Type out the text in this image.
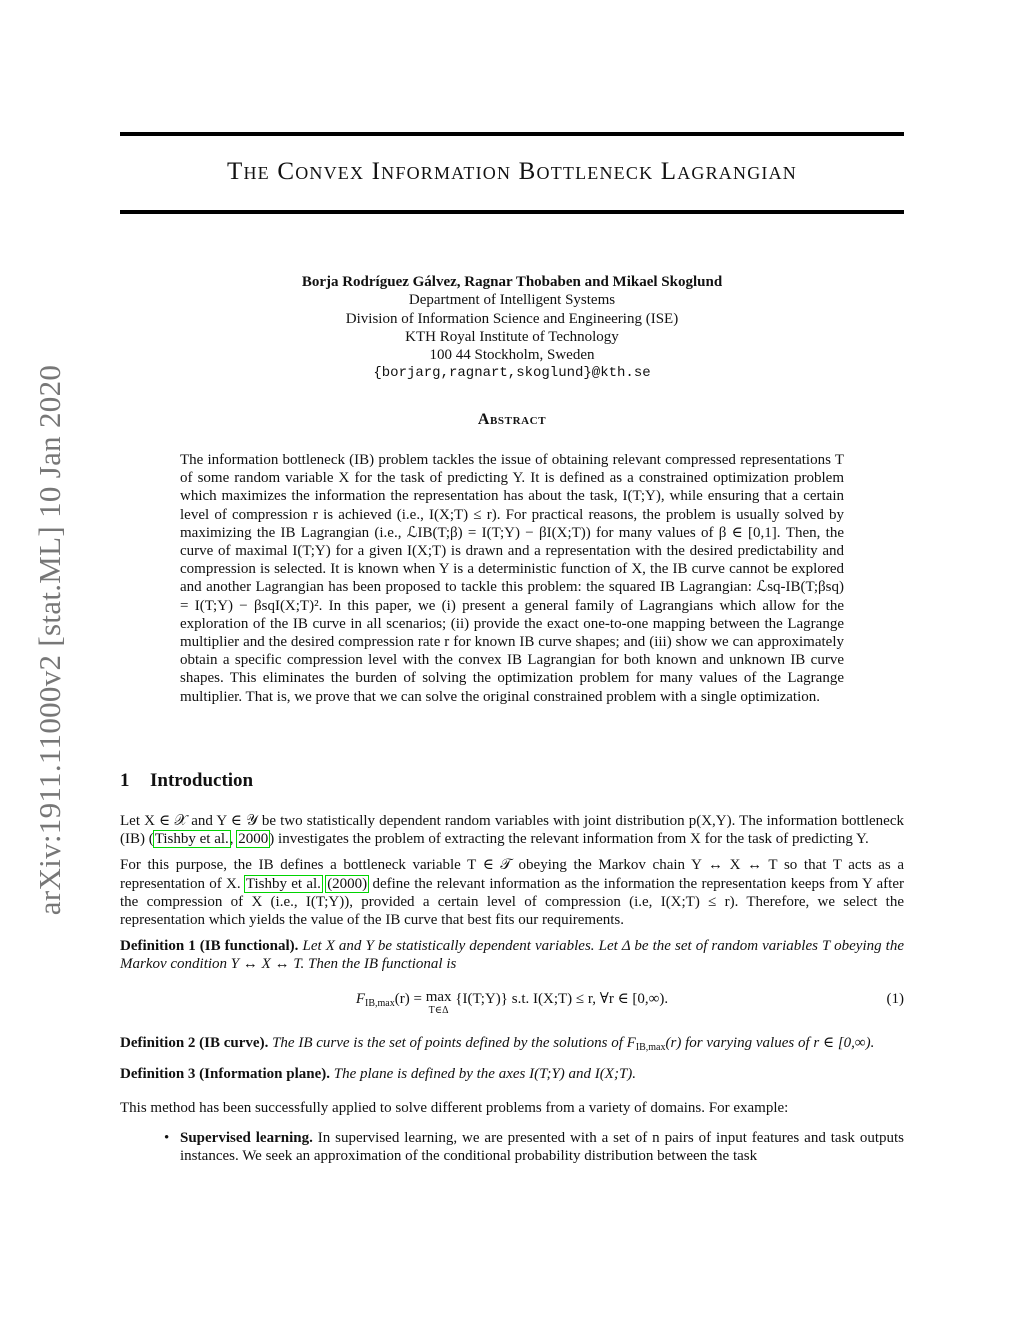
The Convex Information Bottleneck Lagrangian
Borja Rodríguez Gálvez, Ragnar Thobaben and Mikael Skoglund
Department of Intelligent Systems
Division of Information Science and Engineering (ISE)
KTH Royal Institute of Technology
100 44 Stockholm, Sweden
{borjarg,ragnart,skoglund}@kth.se
arXiv:1911.11000v2 [stat.ML] 10 Jan 2020	Abstract
The information bottleneck (IB) problem tackles the issue of obtaining relevant compressed representations T of some random variable X for the task of predicting Y. It is defined as a constrained optimization problem which maximizes the information the representation has about the task, I(T;Y), while ensuring that a certain level of compression r is achieved (i.e., I(X;T) ≤ r). For practical reasons, the problem is usually solved by maximizing the IB Lagrangian (i.e., ℒIB(T;β) = I(T;Y) − βI(X;T)) for many values of β ∈ [0,1]. Then, the curve of maximal I(T;Y) for a given I(X;T) is drawn and a representation with the desired predictability and compression is selected. It is known when Y is a deterministic function of X, the IB curve cannot be explored and another Lagrangian has been proposed to tackle this problem: the squared IB Lagrangian: ℒsq-IB(T;βsq) = I(T;Y) − βsqI(X;T)². In this paper, we (i) present a general family of Lagrangians which allow for the exploration of the IB curve in all scenarios; (ii) provide the exact one-to-one mapping between the Lagrange multiplier and the desired compression rate r for known IB curve shapes; and (iii) show we can approximately obtain a specific compression level with the convex IB Lagrangian for both known and unknown IB curve shapes. This eliminates the burden of solving the optimization problem for many values of the Lagrange multiplier. That is, we prove that we can solve the original constrained problem with a single optimization.
1 Introduction

Let X ∈ 𝒳 and Y ∈ 𝒴 be two statistically dependent random variables with joint distribution p(X,Y). The information bottleneck (IB) (Tishby et al., 2000) investigates the problem of extracting the relevant information from X for the task of predicting Y.

For this purpose, the IB defines a bottleneck variable T ∈ 𝒯 obeying the Markov chain Y ↔ X ↔ T so that T acts as a representation of X. Tishby et al. (2000) define the relevant information as the information the representation keeps from Y after the compression of X (i.e., I(T;Y)), provided a certain level of compression (i.e, I(X;T) ≤ r). Therefore, we select the representation which yields the value of the IB curve that best fits our requirements.

Definition 1 (IB functional). Let X and Y be statistically dependent variables. Let Δ be the set of random variables T obeying the Markov condition Y ↔ X ↔ T. Then the IB functional is

$F_{IB,max}(r) = \max$
T∈Δ
{I(T;Y)} s.t. I(X;T) ≤ r, ∀r ∈ [0,∞).	(1)

Definition 2 (IB curve). The IB curve is the set of points defined by the solutions of $F_{IB,max}(r)$ for varying values of r ∈ [0,∞).

Definition 3 (Information plane). The plane is defined by the axes I(T;Y) and I(X;T).

This method has been successfully applied to solve different problems from a variety of domains. For example:

• Supervised learning. In supervised learning, we are presented with a set of n pairs of input features and task outputs instances. We seek an approximation of the conditional probability distribution between the task
